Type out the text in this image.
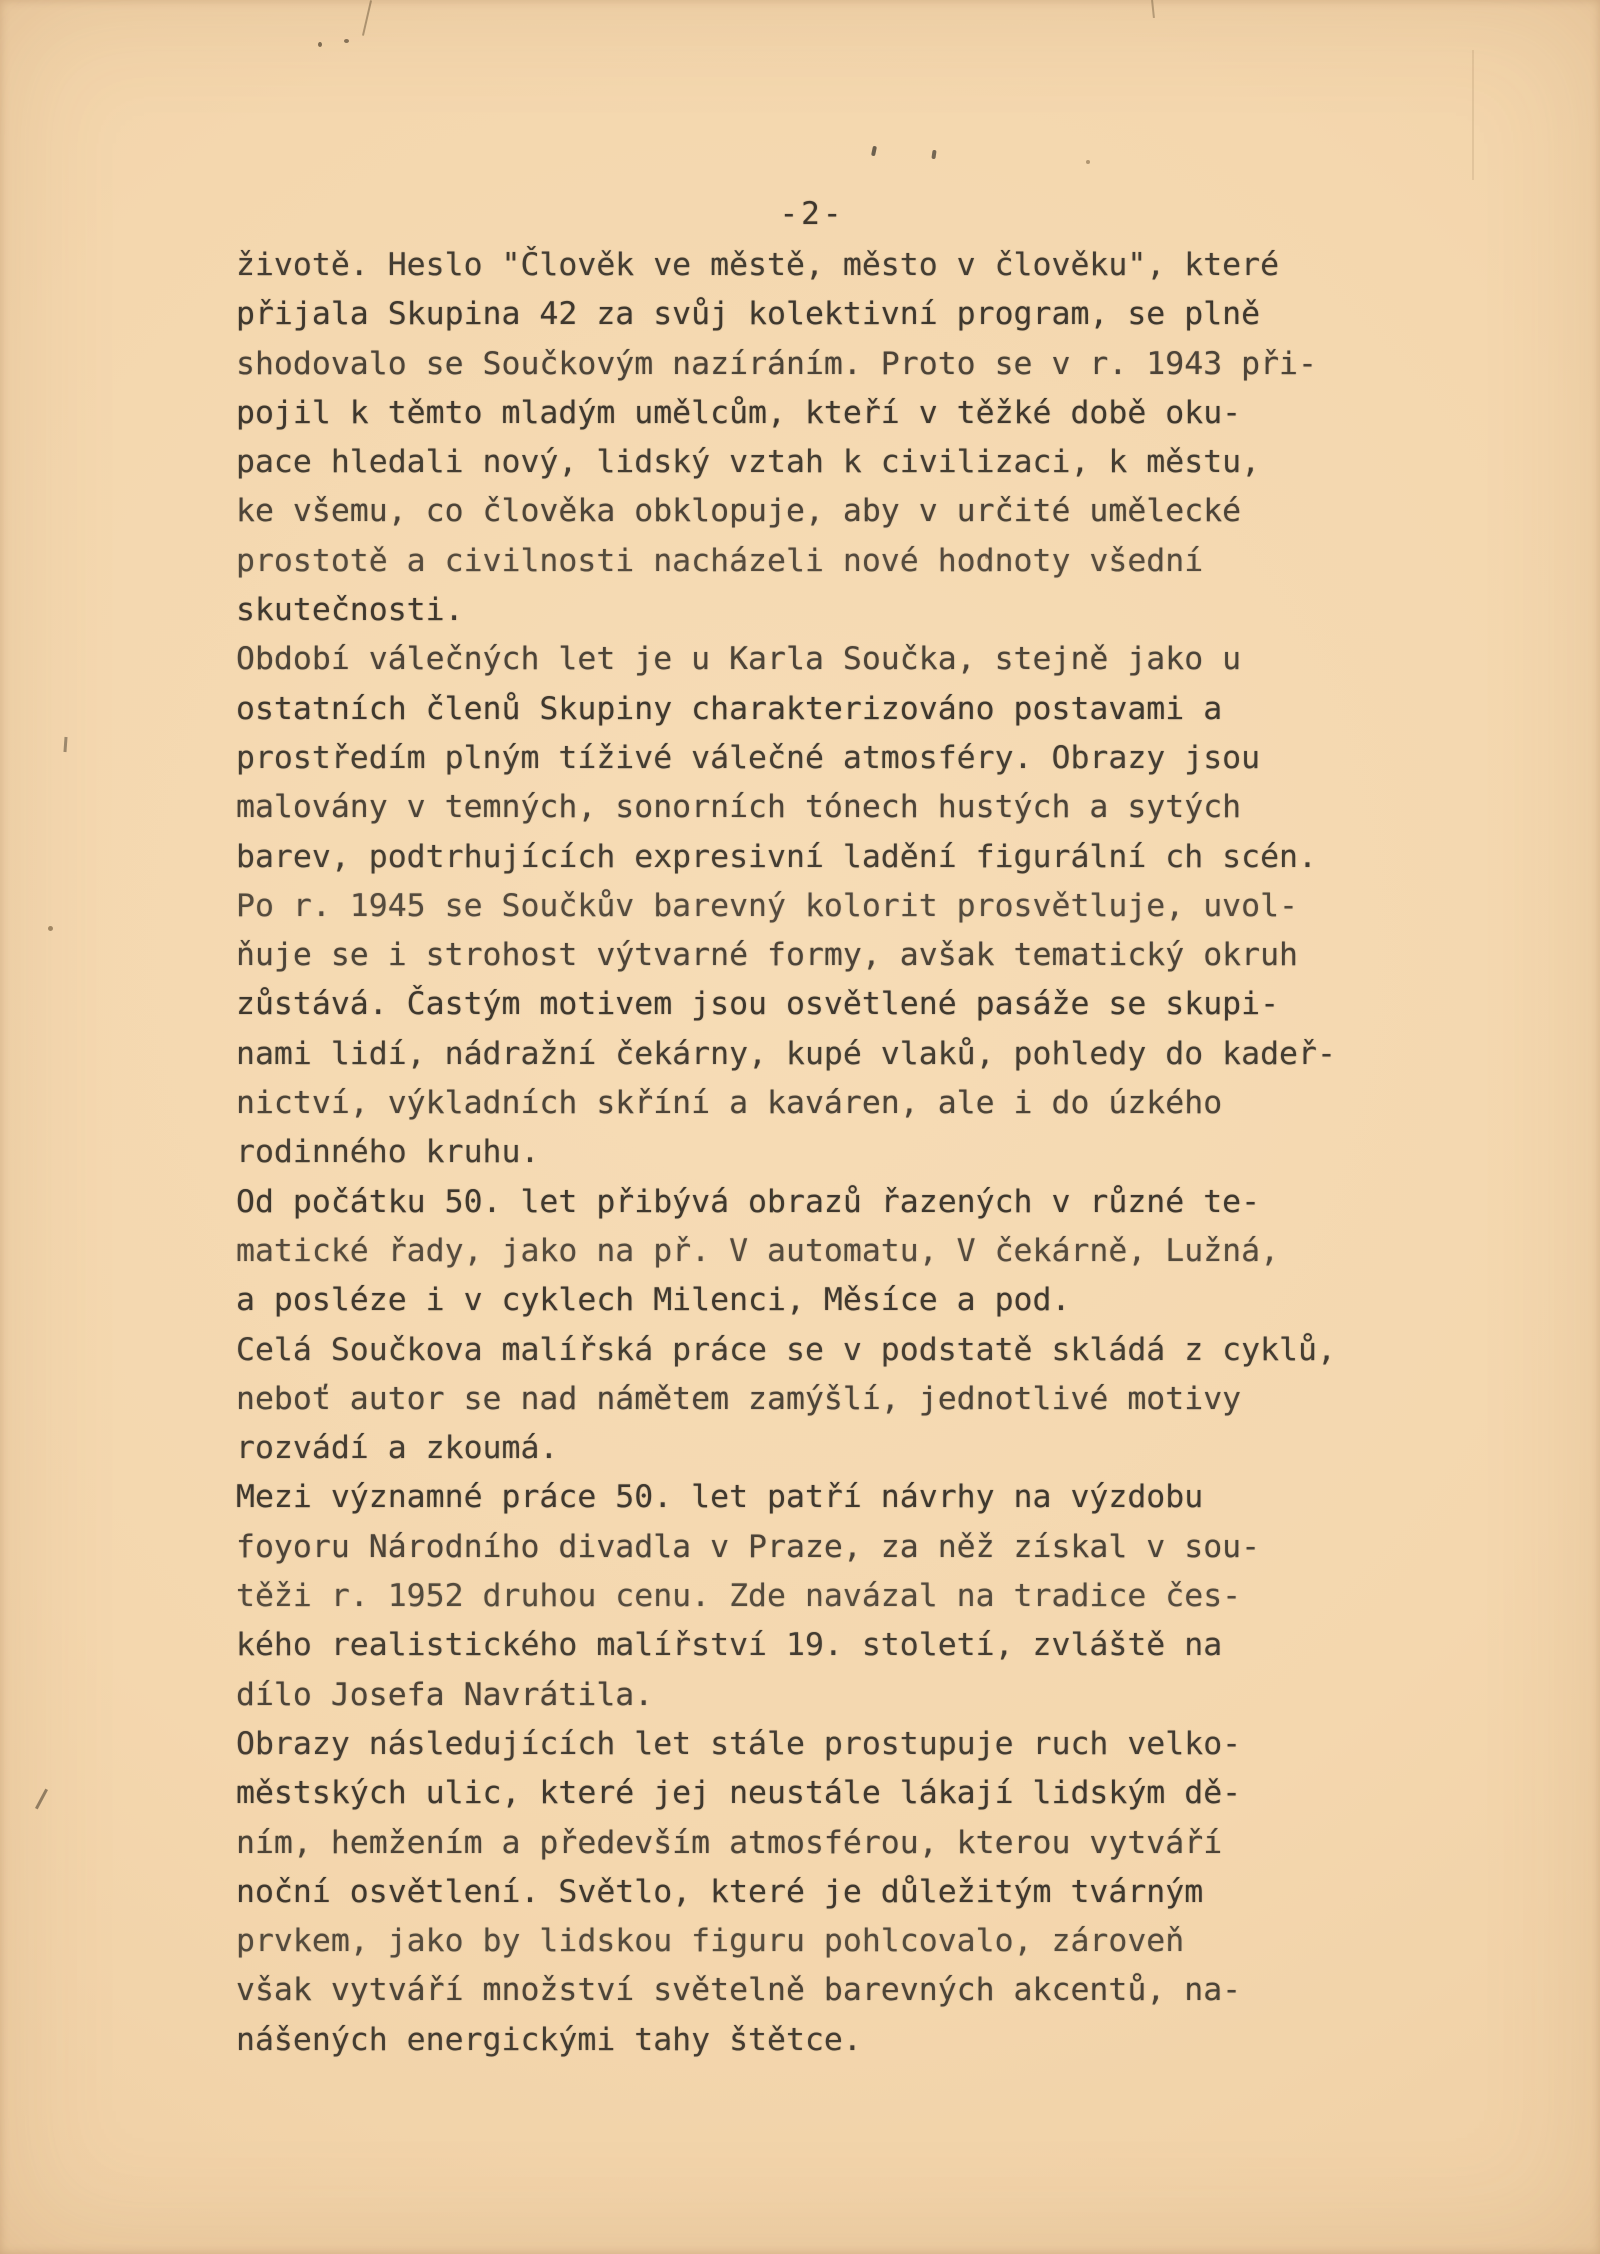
-2-
životě. Heslo "Člověk ve městě, město v člověku", které
přijala Skupina 42 za svůj kolektivní program, se plně
shodovalo se Součkovým nazíráním. Proto se v r. 1943 při-
pojil k těmto mladým umělcům, kteří v těžké době oku-
pace hledali nový, lidský vztah k civilizaci, k městu,
ke všemu, co člověka obklopuje, aby v určité umělecké
prostotě a civilnosti nacházeli nové hodnoty všední
skutečnosti.
Období válečných let je u Karla Součka, stejně jako u
ostatních členů Skupiny charakterizováno postavami a
prostředím plným tíživé válečné atmosféry. Obrazy jsou
malovány v temných, sonorních tónech hustých a sytých
barev, podtrhujících expresivní ladění figurální ch scén.
Po r. 1945 se Součkův barevný kolorit prosvětluje, uvol-
ňuje se i strohost výtvarné formy, avšak tematický okruh
zůstává. Častým motivem jsou osvětlené pasáže se skupi-
nami lidí, nádražní čekárny, kupé vlaků, pohledy do kadeř-
nictví, výkladních skříní a kaváren, ale i do úzkého
rodinného kruhu.
Od počátku 50. let přibývá obrazů řazených v různé te-
matické řady, jako na př. V automatu, V čekárně, Lužná,
a posléze i v cyklech Milenci, Měsíce a pod.
Celá Součkova malířská práce se v podstatě skládá z cyklů,
neboť autor se nad námětem zamýšlí, jednotlivé motivy
rozvádí a zkoumá.
Mezi významné práce 50. let patří návrhy na výzdobu
foyoru Národního divadla v Praze, za něž získal v sou-
těži r. 1952 druhou cenu. Zde navázal na tradice čes-
kého realistického malířství 19. století, zvláště na
dílo Josefa Navrátila.
Obrazy následujících let stále prostupuje ruch velko-
městských ulic, které jej neustále lákají lidským dě-
ním, hemžením a především atmosférou, kterou vytváří
noční osvětlení. Světlo, které je důležitým tvárným
prvkem, jako by lidskou figuru pohlcovalo, zároveň
však vytváří množství světelně barevných akcentů, na-
nášených energickými tahy štětce.
